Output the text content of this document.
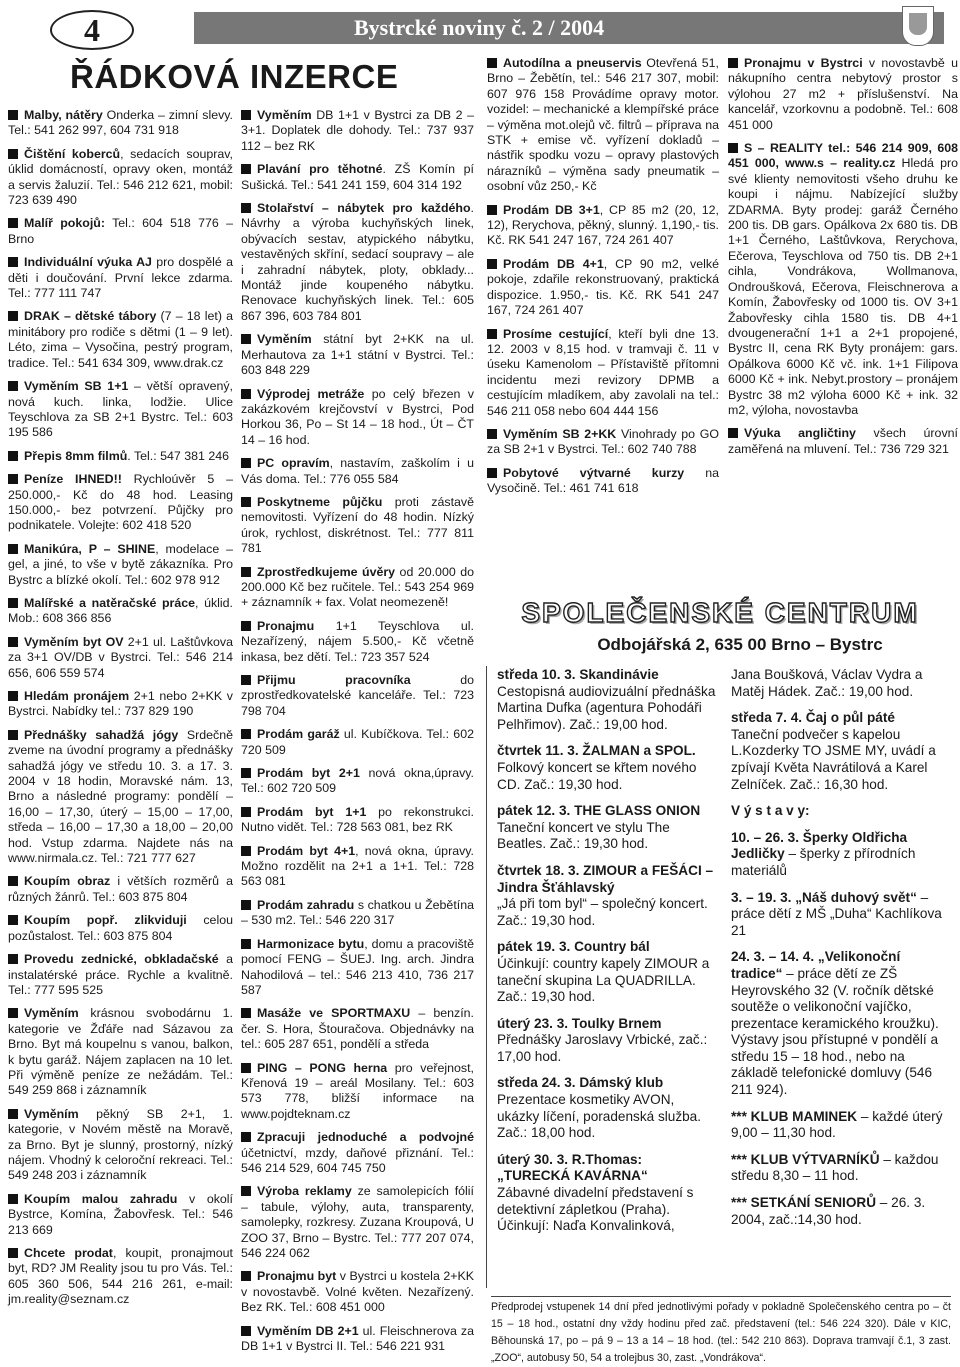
4	Bystrcké noviny č. 2 / 2004
ŘÁDKOVÁ INZERCE
Malby, nátěry Onderka – zimní slevy. Tel.: 541 262 997, 604 731 918
Čištění koberců, sedacích souprav, úklid domácností, opravy oken, montáž a servis žaluzií. Tel.: 546 212 621, mobil: 723 639 490
Malíř pokojů: Tel.: 604 518 776 – Brno
Individuální výuka AJ pro dospělé a děti i doučování. První lekce zdarma. Tel.: 777 111 747
DRAK – dětské tábory (7 – 18 let) a minitábory pro rodiče s dětmi (1 – 9 let). Léto, zima – Vysočina, pestrý program, tradice. Tel.: 541 634 309, www.drak.cz
Vyměním SB 1+1 – větší opravený, nová kuch. linka, lodžie. Ulice Teyschlova za SB 2+1 Bystrc. Tel.: 603 195 586
Přepis 8mm filmů. Tel.: 547 381 246
Peníze IHNED!! Rychloúvěr 5 – 250.000,- Kč do 48 hod. Leasing 150.000,- bez potvrzení. Půjčky pro podnikatele. Volejte: 602 418 520
Manikúra, P – SHINE, modelace – gel, a jiné, to vše v bytě zákazníka. Pro Bystrc a blízké okolí. Tel.: 602 978 912
Malířské a natěračské práce, úklid. Mob.: 608 366 856
Vyměním byt OV 2+1 ul. Laštůvkova za 3+1 OV/DB v Bystrci. Tel.: 546 214 656, 606 559 574
Hledám pronájem 2+1 nebo 2+KK v Bystrci. Nabídky tel.: 737 829 190
Přednášky sahadžá jógy Srdečně zveme na úvodní programy a přednášky sahadžá jógy ve středu 10. 3. a 17. 3. 2004 v 18 hodin, Moravské nám. 13, Brno a následné programy: pondělí – 16,00 – 17,30, úterý – 15,00 – 17,00, středa – 16,00 – 17,30 a 18,00 – 20,00 hod. Vstup zdarma. Najdete nás na www.nirmala.cz. Tel.: 721 777 627
Koupím obraz i větších rozměrů a různých žánrů. Tel.: 603 875 804
Koupím popř. zlikviduji celou pozůstalost. Tel.: 603 875 804
Provedu zednické, obkladačské a instalatérské práce. Rychle a kvalitně. Tel.: 777 595 525
Vyměním krásnou svobodárnu 1. kategorie ve Žďáře nad Sázavou za Brno. Byt má koupelnu s vanou, balkon, k bytu garáž. Nájem zaplacen na 10 let. Při výměně peníze ze nežádám. Tel.: 549 259 868 i záznamník
Vyměním pěkný SB 2+1, 1. kategorie, v Novém městě na Moravě, za Brno. Byt je slunný, prostorný, nízký nájem. Vhodný k celoroční rekreaci. Tel.: 549 248 203 i záznamník
Koupím malou zahradu v okolí Bystrce, Komína, Žabovřesk. Tel.: 546 213 669
Chcete prodat, koupit, pronajmout byt, RD? JM Reality jsou tu pro Vás. Tel.: 605 360 506, 544 216 261, e-mail: jm.reality@seznam.cz
Vyměním DB 1+1 v Bystrci za DB 2 – 3+1. Doplatek dle dohody. Tel.: 737 937 112 – bez RK
Plavání pro těhotné. ZŠ Komín pí Sušická. Tel.: 541 241 159, 604 314 192
Stolařství – nábytek pro každého. Návrhy a výroba kuchyňských linek, obývacích sestav, atypického nábytku, vestavěných skříní, sedací soupravy – ale i zahradní nábytek, ploty, obklady... Montáž jinde koupeného nábytku. Renovace kuchyňských linek. Tel.: 605 867 396, 603 784 801
Vyměním státní byt 2+KK na ul. Merhautova za 1+1 státní v Bystrci. Tel.: 603 848 229
Výprodej metráže po celý březen v zakázkovém krejčovství v Bystrci, Pod Horkou 36, Po – St 14 – 18 hod., Út – ČT 14 – 16 hod.
PC opravím, nastavím, zaškolím i u Vás doma. Tel.: 776 055 584
Poskytneme půjčku proti zástavě nemovitosti. Vyřízení do 48 hodin. Nízký úrok, rychlost, diskrétnost. Tel.: 777 811 781
Zprostředkujeme úvěry od 20.000 do 200.000 Kč bez ručitele. Tel.: 543 254 969 + záznamník + fax. Volat neomezeně!
Pronajmu 1+1 Teyschlova ul. Nezařízený, nájem 5.500,- Kč včetně inkasa, bez dětí. Tel.: 723 357 524
Přijmu pracovníka do zprostředkovatelské kanceláře. Tel.: 723 798 704
Prodám garáž ul. Kubíčkova. Tel.: 602 720 509
Prodám byt 2+1 nová okna,úpravy. Tel.: 602 720 509
Prodám byt 1+1 po rekonstrukci. Nutno vidět. Tel.: 728 563 081, bez RK
Prodám byt 4+1, nová okna, úpravy. Možno rozdělit na 2+1 a 1+1. Tel.: 728 563 081
Prodám zahradu s chatkou u Žebětína – 530 m2. Tel.: 546 220 317
Harmonizace bytu, domu a pracoviště pomocí FENG – ŠUEJ. Ing. arch. Jindra Nahodilová – tel.: 546 213 410, 736 217 587
Masáže ve SPORTMAXU – benzín. čer. S. Hora, Štouračova. Objednávky na tel.: 605 287 651, pondělí a středa
PING – PONG herna pro veřejnost, Křenová 19 – areál Mosilany. Tel.: 603 573 778, bližší informace na www.pojdteknam.cz
Zpracuji jednoduché a podvojné účetnictví, mzdy, daňové přiznání. Tel.: 546 214 529, 604 745 750
Výroba reklamy ze samolepicích fólií – tabule, výlohy, auta, transparenty, samolepky, rozkresy. Zuzana Kroupová, U ZOO 37, Brno – Bystrc. Tel.: 777 207 074, 546 224 062
Pronajmu byt v Bystrci u kostela 2+KK v novostavbě. Volné květen. Nezařízený. Bez RK. Tel.: 608 451 000
Vyměním DB 2+1 ul. Fleischnerova za DB 1+1 v Bystrci II. Tel.: 546 221 931
Autodílna a pneuservis Otevřená 51, Brno – Žebětín, tel.: 546 217 307, mobil: 607 976 158 Provádíme opravy motor. vozidel: – mechanické a klempířské práce – výměna mot.olejů vč. filtrů – příprava na STK + emise vč. vyřízení dokladů – nástřik spodku vozu – opravy plastových nárazníků – výměna sady pneumatik – osobní vůz 250,- Kč
Prodám DB 3+1, CP 85 m2 (20, 12, 12), Rerychova, pěkný, slunný. 1,190,- tis. Kč. RK 541 247 167, 724 261 407
Prodám DB 4+1, CP 90 m2, velké pokoje, zdařile rekonstruovaný, praktická dispozice. 1.950,- tis. Kč. RK 541 247 167, 724 261 407
Prosíme cestující, kteří byli dne 13. 12. 2003 v 8,15 hod. v tramvaji č. 11 v úseku Kamenolom – Přístaviště přítomni incidentu mezi revizory DPMB a cestujícím mladíkem, aby zavolali na tel.: 546 211 058 nebo 604 444 156
Vyměním SB 2+KK Vinohrady po GO za SB 2+1 v Bystrci. Tel.: 602 740 788
Pobytové výtvarné kurzy na Vysočině. Tel.: 461 741 618
Pronajmu v Bystrci v novostavbě u nákupního centra nebytový prostor s výlohou 27 m2 + příslušenství. Na kancelář, vzorkovnu a podobně. Tel.: 608 451 000
S – REALITY tel.: 546 214 909, 608 451 000, www.s – reality.cz Hledá pro své klienty nemovitosti všeho druhu ke koupi i nájmu. Nabízející služby ZDARMA. Byty prodej: garáž Černého 200 tis. DB gars. Opálkova 2x 680 tis. DB 1+1 Černého, Laštůvkova, Rerychova, Ečerova, Teyschlova od 750 tis. DB 2+1 cihla, Vondrákova, Wollmanova, Ondroušková, Ečerova, Fleischnerova a Komín, Žabovřesky od 1000 tis. OV 3+1 Žabovřesky cihla 1580 tis. DB 4+1 dvougenerační 1+1 a 2+1 propojené, Bystrc II, cena RK Byty pronájem: gars. Opálkova 6000 Kč vč. ink. 1+1 Filipova 6000 Kč + ink. Nebyt.prostory – pronájem Bystrc 38 m2 výloha 6000 Kč + ink. 32 m2, výloha, novostavba
Výuka angličtiny všech úrovní zaměřená na mluvení. Tel.: 736 729 321
SPOLEČENSKÉ CENTRUM
Odbojářská 2, 635 00 Brno – Bystrc
středa 10. 3. Skandinávie
Cestopisná audiovizuální přednáška Martina Dufka (agentura Pohodáři Pelhřimov). Zač.: 19,00 hod.
čtvrtek 11. 3. ŽALMAN a SPOL.
Folkový koncert se křtem nového CD. Zač.: 19,30 hod.
pátek 12. 3. THE GLASS ONION
Taneční koncert ve stylu The Beatles. Zač.: 19,30 hod.
čtvrtek 18. 3. ZIMOUR a FEŠÁCI – Jindra Šťáhlavský
„Já při tom byl“ – společný koncert. Zač.: 19,30 hod.
pátek 19. 3. Country bál
Účinkují: country kapely ZIMOUR a taneční skupina La QUADRILLA. Zač.: 19,30 hod.
úterý 23. 3. Toulky Brnem
Přednášky Jaroslavy Vrbické, zač.: 17,00 hod.
středa 24. 3. Dámský klub
Prezentace kosmetiky AVON, ukázky líčení, poradenská služba. Zač.: 18,00 hod.
úterý 30. 3. R.Thomas: „TURECKÁ KAVÁRNA“
Zábavné divadelní představení s detektivní zápletkou (Praha). Účinkují: Naďa Konvalinková,
Jana Boušková, Václav Vydra a Matěj Hádek. Zač.: 19,00 hod.
středa 7. 4. Čaj o půl páté
Taneční podvečer s kapelou L.Kozderky TO JSME MY, uvádí a zpívají Květa Navrátilová a Karel Zelníček. Zač.: 16,30 hod.
V ý s t a v y:
10. – 26. 3. Šperky Oldřicha Jedličky – šperky z přírodních materiálů
3. – 19. 3. „Náš duhový svět“ – práce dětí z MŠ „Duha“ Kachlíkova 21
24. 3. – 14. 4. „Velikonoční tradice“ – práce dětí ze ZŠ Heyrovského 32 (V. ročník dětské soutěže o velikonoční vajíčko, prezentace keramického kroužku). Výstavy jsou přístupné v pondělí a středu 15 – 18 hod., nebo na základě telefonické domluvy (546 211 924).
*** KLUB MAMINEK – každé úterý 9,00 – 11,30 hod.
*** KLUB VÝTVARNÍKŮ – každou středu 8,30 – 11 hod.
*** SETKÁNÍ SENIORŮ – 26. 3. 2004, zač.:14,30 hod.
Předprodej vstupenek 14 dní před jednotlivými pořady v pokladně Společenského centra po – čt 15 – 18 hod., ostatní dny vždy hodinu před zač. představení (tel.: 546 224 320). Dále v KIC, Běhounská 17, po – pá 9 – 13 a 14 – 18 hod. (tel.: 542 210 863). Doprava tramvají č.1, 3 zast. „ZOO“, autobusy 50, 54 a trolejbus 30, zast. „Vondrákova“.
